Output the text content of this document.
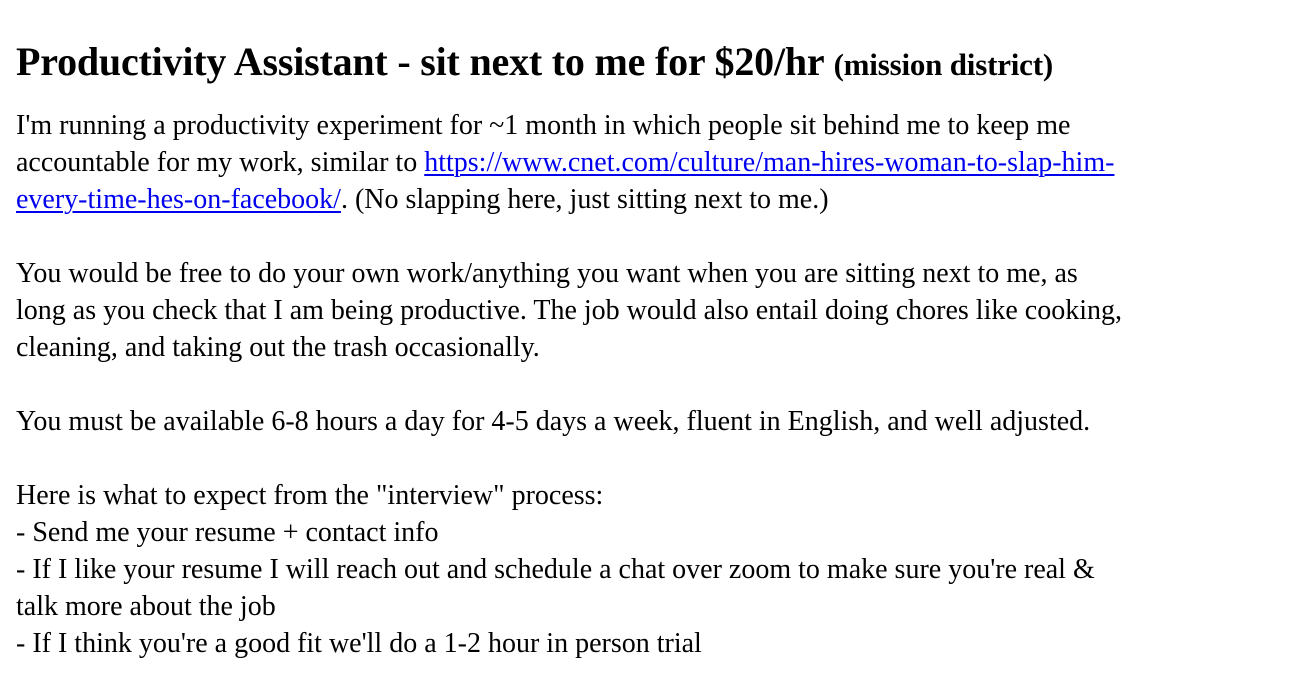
Productivity Assistant - sit next to me for $20/hr (mission district)

I'm running a productivity experiment for ~1 month in which people sit behind me to keep me
accountable for my work, similar to https://www.cnet.com/culture/man-hires-woman-to-slap-him-
every-time-hes-on-facebook/. (No slapping here, just sitting next to me.)

You would be free to do your own work/anything you want when you are sitting next to me, as
long as you check that I am being productive. The job would also entail doing chores like cooking,
cleaning, and taking out the trash occasionally.

You must be available 6-8 hours a day for 4-5 days a week, fluent in English, and well adjusted.

Here is what to expect from the "interview" process:
- Send me your resume + contact info
- If I like your resume I will reach out and schedule a chat over zoom to make sure you're real &
talk more about the job
- If I think you're a good fit we'll do a 1-2 hour in person trial
